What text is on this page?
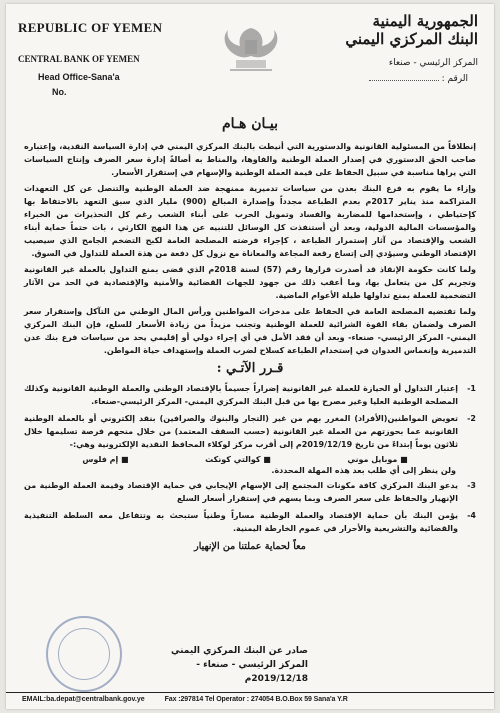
REPUBLIC OF YEMEN
CENTRAL BANK OF YEMEN
Head Office-Sana'a
No.
الجمهورية اليمنية
البنك المركزي اليمني
المركز الرئيسي - صنعاء
الرقم :
بيـان هـام

إنطلاقاً من المسئولية القانونية والدستورية التي أنيطت بالبنك المركزي اليمني في إدارة السياسة النقدية، وإعتباره صاحب الحق الدستوري في إصدار العملة الوطنية والفاوها، والمناط به أصالةً إدارة سعر الصرف وإنتاج السياسات التي يراها مناسبة في سبيل الحفاظ على قيمة العملة الوطنية والإسهام في إستقرار الأسعار.

وإزاء ما يقوم به فرع البنك بعدن من سياسات تدميرية ممنهجة ضد العملة الوطنية والتنصل عن كل التعهدات المتراكمة منذ يناير 2017م بعدم الطباعة مجدداً وإصدارة المبالغ (900) مليار الذي سبق التعهد بالاحتفاظ بها كإحتياطي ، وإستخدامها للمضاربة والفساد وتمويل الحرب على أبناء الشعب رغم كل التحذيرات من الخبراء والمؤسسات المالية الدولية، وبعد أن أستنفذت كل الوسائل للتنبيه عن هذا النهج الكارثي ، بات حتماً حماية أبناء الشعب والإقتصاد من آثار إستمرار الطباعة ، كإجراء فرضته المصلحة العامة لكبح التضخم الجامح الذي سيصيب الإقتصاد الوطني وسيؤدي إلى إتساع رقعة المجاعة والمعاناة مع نزول كل دفعة من هذة العملة للتداول في السوق.

ولما كانت حكومة الإنقاذ قد أصدرت قرارها رقم (57) لسنة 2018م الذي قضى بمنع التداول بالعملة غير القانونية وتجريم كل من يتعامل بها، وما أعقب ذلك من جهود للجهات القضائية والأمنية والإقتصادية في الحد من الآثار التضخمية للعملة بمنع تداولها طيلة الأعوام الماضية.

ولما تقتضيه المصلحة العامة في الحفاظ على مدخرات المواطنين ورأس المال الوطني من التآكل وإستقرار سعر الصرف ولضمان بقاء القوة الشرائية للعملة الوطنية وتجنب مزيداً من زيادة الأسعار للسلع، فإن البنك المركزي اليمني- المركز الرئيسي- صنعاء- وبعد أن فقد الأمل في أي إجراء دولي أو إقليمي يحد من سياسات فرع بنك عدن التدميرية وإنغماس العدوان في إستخدام الطباعة كسلاح لضرب العملة وإستهداف حياة المواطن.

قـرر الآتـي :
1-
إعتبار التداول أو الحيازة للعملة غير القانونية إضراراً جسيماً بالإقتصاد الوطني والعملة الوطنية القانونية وكذلك المصلحة الوطنية العليا وغير مصرح بها من قبل البنك المركزي اليمني- المركز الرئيسي-صنعاء.
2-
تعويض المواطنين(الأفراد) المغرر بهم من غير (التجار والبنوك والصرافين) بنقد إلكتروني أو بالعملة الوطنية القانونية عما بحوزتهم من العملة غير القانونية (حسب السقف المعتمد) من خلال منحهم فرصة تسليمها خلال ثلاثون يوماً إبتداءً من تاريخ 2019/12/19م إلى أقرب مركز لوكلاء المحافظ النقدية الإلكترونية وهي:-
■ موبايل موني
■ كوالتي كونكت
■ إم فلوس
ولن ينظر إلى أي طلب بعد هذه المهلة المحددة.
3-
يدعو البنك المركزي كافة مكونات المجتمع إلى الإسهام الإيجابي في حماية الإقتصاد وقيمة العملة الوطنية من الإنهيار والحفاظ على سعر الصرف وبما يسهم في إستقرار أسعار السلع
4-
يؤمن البنك بأن حماية الإقتصاد والعملة الوطنية مساراً وطنياً ستبحث به وتتفاعل معه السلطة التنفيذية والقضائية والتشريعية والأحرار في عموم الخارطة اليمنية.
معاً لحماية عملتنا من الإنهيار
صادر عن البنك المركزي اليمني
المركز الرئيسي - صنعاء - 2019/12/18م
EMAIL:ba.depat@centralbank.gov.ye	Fax :297814 Tel Operator : 274054 B.O.Box 59 Sana'a Y.R
